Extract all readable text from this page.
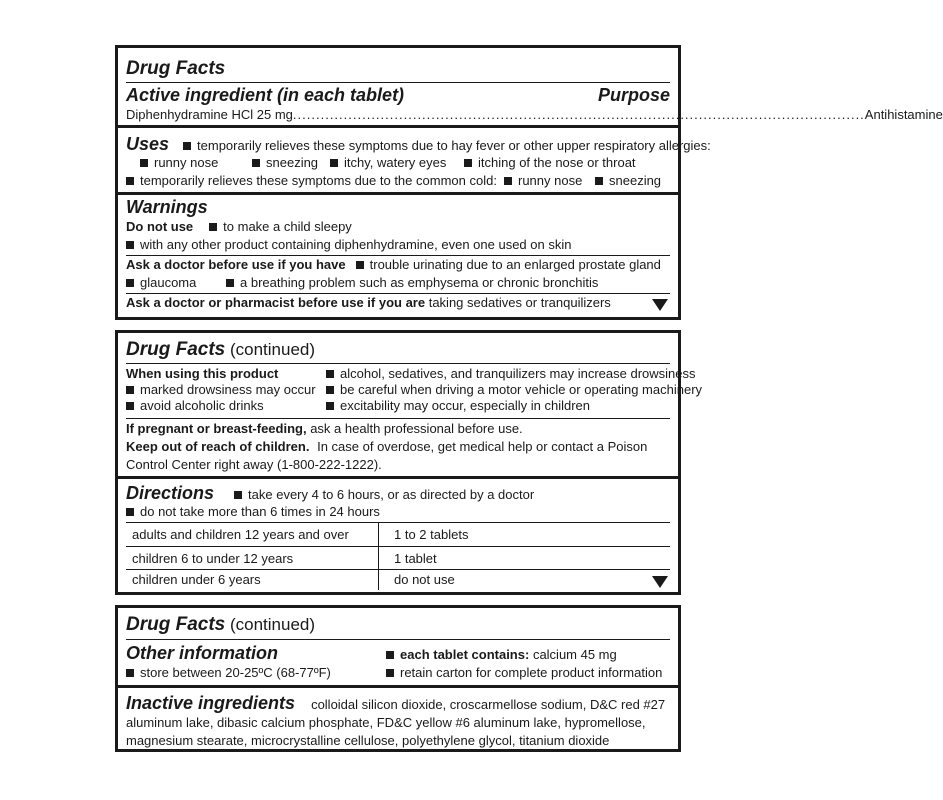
Drug Facts
Active ingredient (in each tablet)	Purpose
Diphenhydramine HCl 25 mg ............................................................................................................................ Antihistamine
Uses temporarily relieves these symptoms due to hay fever or other upper respiratory allergies:
runny nose	sneezing	itchy, watery eyes	itching of the nose or throat
temporarily relieves these symptoms due to the common cold:	runny nose	sneezing
Warnings
Do not use to make a child sleepy
with any other product containing diphenhydramine, even one used on skin
Ask a doctor before use if you have trouble urinating due to an enlarged prostate gland
glaucoma	a breathing problem such as emphysema or chronic bronchitis
Ask a doctor or pharmacist before use if you are taking sedatives or tranquilizers
Drug Facts (continued)
When using this product
marked drowsiness may occur
avoid alcoholic drinks
alcohol, sedatives, and tranquilizers may increase drowsiness
be careful when driving a motor vehicle or operating machinery
excitability may occur, especially in children
If pregnant or breast-feeding, ask a health professional before use.
Keep out of reach of children. In case of overdose, get medical help or contact a Poison
Control Center right away (1-800-222-1222).
Directions	take every 4 to 6 hours, or as directed by a doctor
do not take more than 6 times in 24 hours
adults and children 12 years and over	1 to 2 tablets
children 6 to under 12 years	1 tablet
children under 6 years	do not use
Drug Facts (continued)
Other information
store between 20-25ºC (68-77ºF)
each tablet contains: calcium 45 mg
retain carton for complete product information
Inactive ingredients colloidal silicon dioxide, croscarmellose sodium, D&C red #27
aluminum lake, dibasic calcium phosphate, FD&C yellow #6 aluminum lake, hypromellose,
magnesium stearate, microcrystalline cellulose, polyethylene glycol, titanium dioxide
